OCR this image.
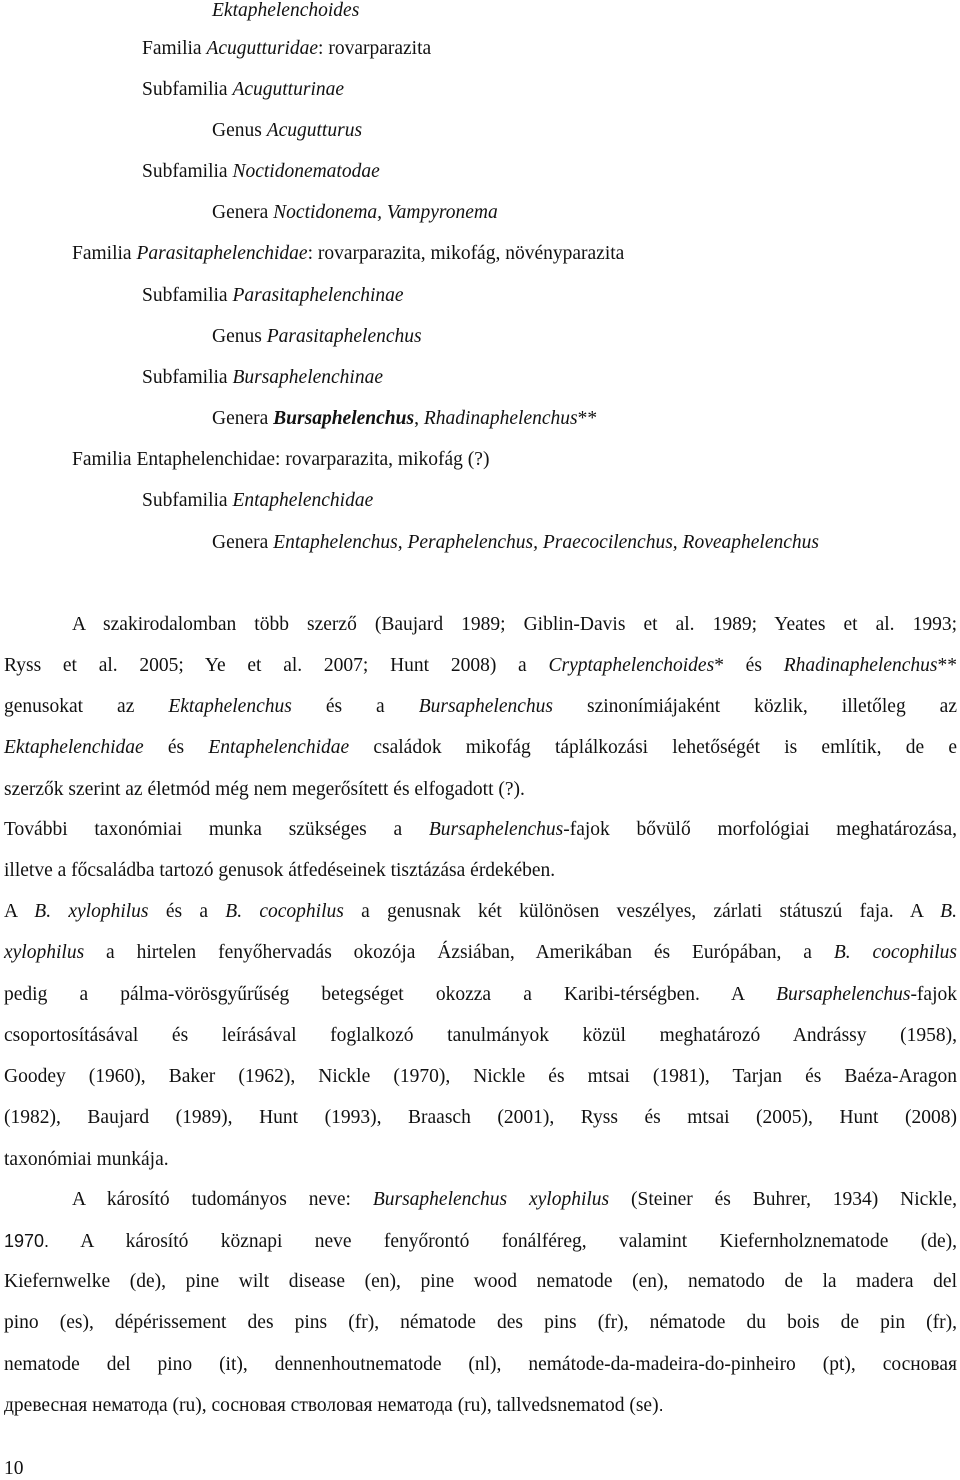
Ektaphelenchoides
Familia Acugutturidae: rovarparazita
Subfamilia Acugutturinae
Genus Acugutturus
Subfamilia Noctidonematodae
Genera Noctidonema, Vampyronema
Familia Parasitaphelenchidae: rovarparazita, mikofág, növényparazita
Subfamilia Parasitaphelenchinae
Genus Parasitaphelenchus
Subfamilia Bursaphelenchinae
Genera Bursaphelenchus, Rhadinaphelenchus**
Familia Entaphelenchidae: rovarparazita, mikofág (?)
Subfamilia Entaphelenchidae
Genera Entaphelenchus, Peraphelenchus, Praecocilenchus, Roveaphelenchus
A szakirodalomban több szerző (Baujard 1989; Giblin-Davis et al. 1989; Yeates et al. 1993;
Ryss et al. 2005; Ye et al. 2007; Hunt 2008) a Cryptaphelenchoides* és Rhadinaphelenchus**
genusokat az Ektaphelenchus és a Bursaphelenchus szinonímiájaként közlik, illetőleg az
Ektaphelenchidae és Entaphelenchidae családok mikofág táplálkozási lehetőségét is említik, de e
szerzők szerint az életmód még nem megerősített és elfogadott (?).
További taxonómiai munka szükséges a Bursaphelenchus-fajok bővülő morfológiai meghatározása,
illetve a főcsaládba tartozó genusok átfedéseinek tisztázása érdekében.
A B. xylophilus és a B. cocophilus a genusnak két különösen veszélyes, zárlati státuszú faja. A B.
xylophilus a hirtelen fenyőhervadás okozója Ázsiában, Amerikában és Európában, a B. cocophilus
pedig a pálma-vörösgyűrűség betegséget okozza a Karibi-térségben. A Bursaphelenchus-fajok
csoportosításával és leírásával foglalkozó tanulmányok közül meghatározó Andrássy (1958),
Goodey (1960), Baker (1962), Nickle (1970), Nickle és mtsai (1981), Tarjan és Baéza-Aragon
(1982), Baujard (1989), Hunt (1993), Braasch (2001), Ryss és mtsai (2005), Hunt (2008)
taxonómiai munkája.
A károsító tudományos neve: Bursaphelenchus xylophilus (Steiner és Buhrer, 1934) Nickle,
1970. A károsító köznapi neve fenyőrontó fonálféreg, valamint Kiefernholznematode (de),
Kiefernwelke (de), pine wilt disease (en), pine wood nematode (en), nematodo de la madera del
pino (es), dépérissement des pins (fr), nématode des pins (fr), nématode du bois de pin (fr),
nematode del pino (it), dennenhoutnematode (nl), nemátode-da-madeira-do-pinheiro (pt), сосновая
древесная нематода (ru), сосновая стволовая нематода (ru), tallvedsnematod (se).
10
